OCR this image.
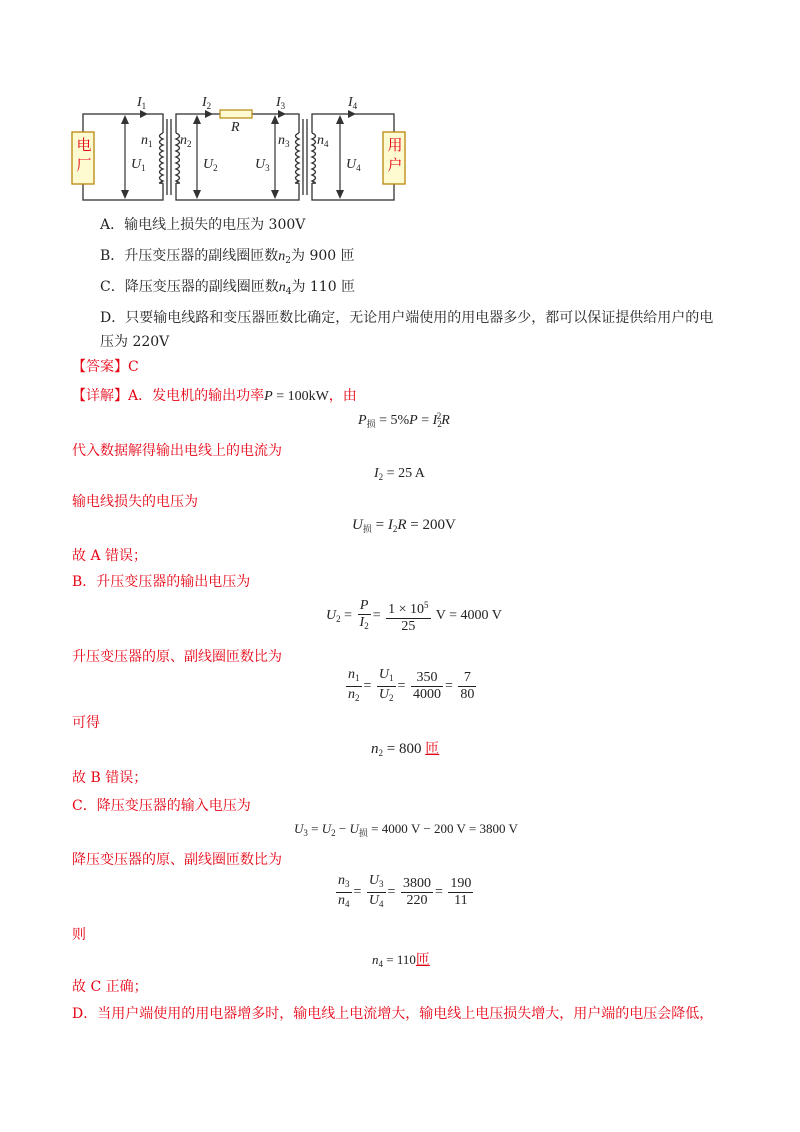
电
厂
用
户
$I_1$	$I_2$	$I_3$	$I_4$
R
$n_1$ $n_2$	$n_3$ $n_4$
$U_1$	$U_2$	$U_3$	$U_4$
A．输电线上损失的电压为 300V
B．升压变压器的副线圈匝数$n_2$为 900 匝
C．降压变压器的副线圈匝数$n_4$为 110 匝
D．只要输电线路和变压器匝数比确定，无论用户端使用的用电器多少，都可以保证提供给用户的电
压为 220V
【答案】C
【详解】A．发电机的输出功率P = 100kW，由
$P_损 = 5\%P = I_2^2R$
代入数据解得输出电线上的电流为
$I_2 = 25$ A
输电线损失的电压为
$U_损 = I_2R = 200V$
故 A 错误；
B．升压变压器的输出电压为
$U_2 = \frac{P}{I_2} = \frac{1 \times 10^5}{25}$ V = 4000 V
升压变压器的原、副线圈匝数比为
$\frac{n_1}{n_2} = \frac{U_1}{U_2} = \frac{350}{4000} = \frac{7}{80}$
可得
$n_2 = 800$ 匝
故 B 错误；
C．降压变压器的输入电压为
$U_3 = U_2 - U_损 = 4000$ V − 200 V = 3800 V
降压变压器的原、副线圈匝数比为
$\frac{n_3}{n_4} = \frac{U_3}{U_4} = \frac{3800}{220} = \frac{190}{11}$
则
$n_4 = 110$匝
故 C 正确；
D．当用户端使用的用电器增多时，输电线上电流增大，输电线上电压损失增大，用户端的电压会降低，
